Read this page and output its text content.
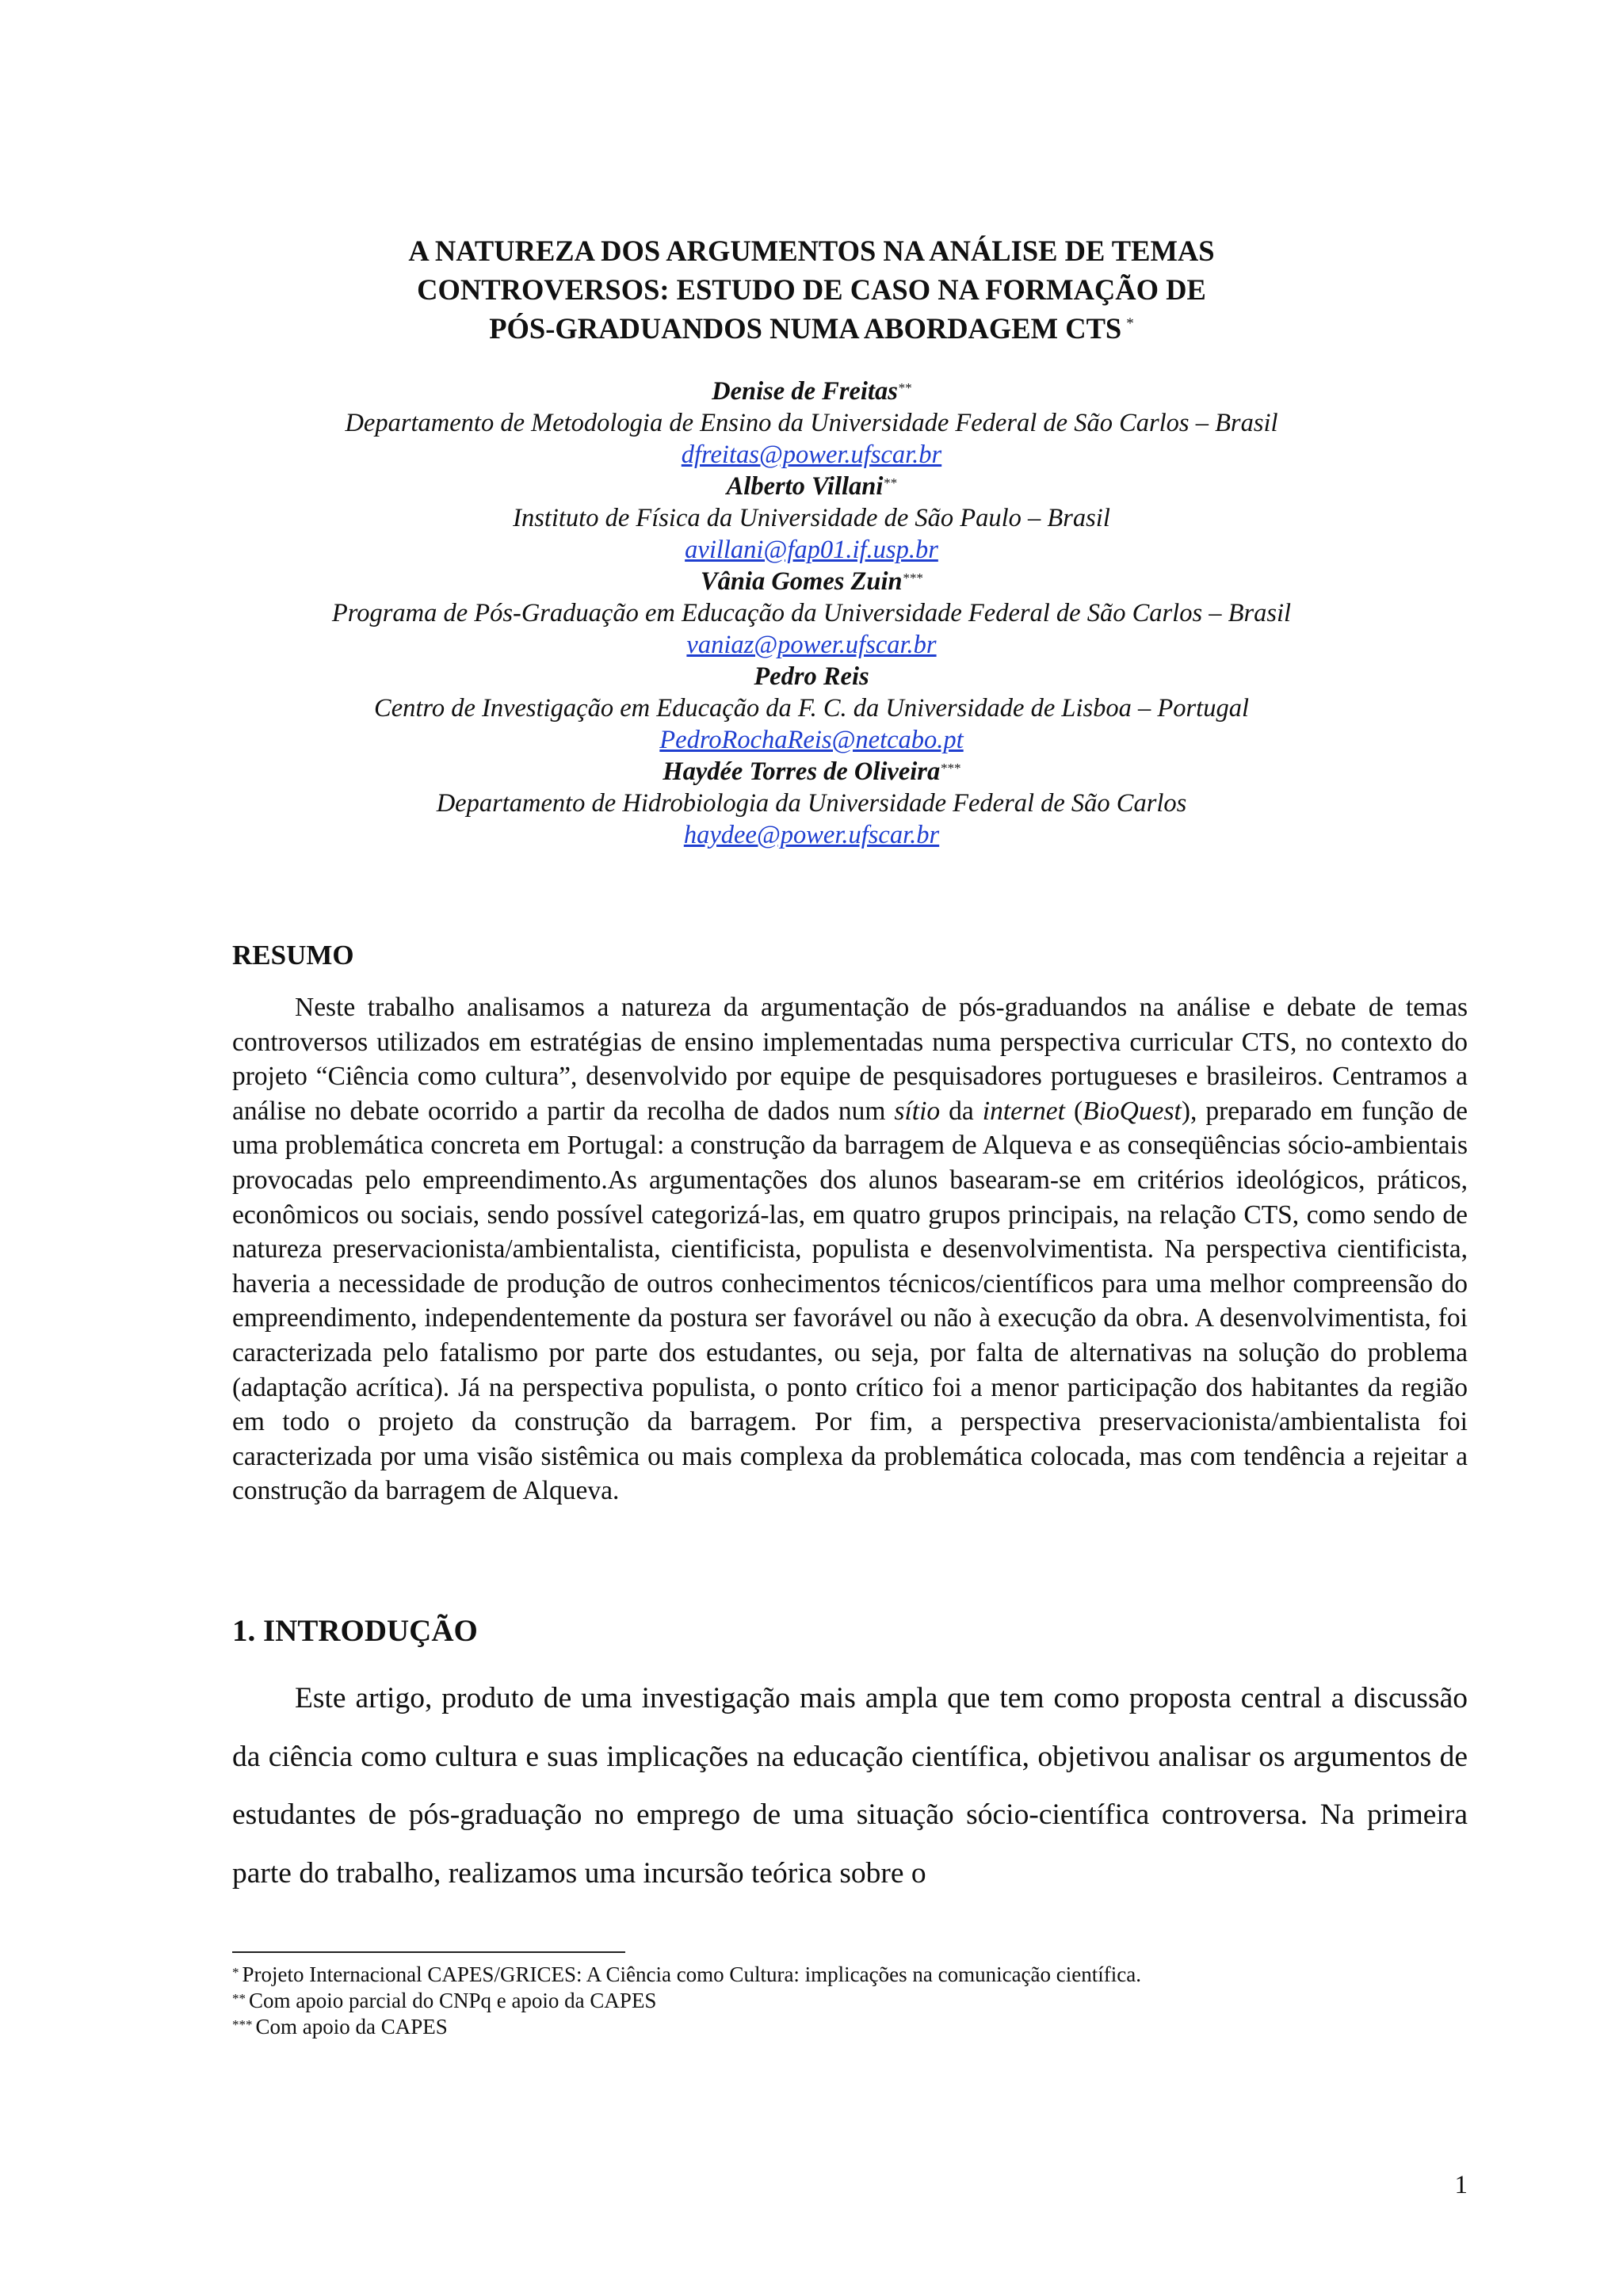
A NATUREZA DOS ARGUMENTOS NA ANÁLISE DE TEMAS
CONTROVERSOS: ESTUDO DE CASO NA FORMAÇÃO DE
PÓS-GRADUANDOS NUMA ABORDAGEM CTS *
Denise de Freitas**
Departamento de Metodologia de Ensino da Universidade Federal de São Carlos – Brasil
dfreitas@power.ufscar.br
Alberto Villani**
Instituto de Física da Universidade de São Paulo – Brasil
avillani@fap01.if.usp.br
Vânia Gomes Zuin***
Programa de Pós-Graduação em Educação da Universidade Federal de São Carlos – Brasil
vaniaz@power.ufscar.br
Pedro Reis
Centro de Investigação em Educação da F. C. da Universidade de Lisboa – Portugal
PedroRochaReis@netcabo.pt
Haydée Torres de Oliveira***
Departamento de Hidrobiologia da Universidade Federal de São Carlos
haydee@power.ufscar.br
RESUMO

Neste trabalho analisamos a natureza da argumentação de pós-graduandos na análise e debate de temas controversos utilizados em estratégias de ensino implementadas numa perspectiva curricular CTS, no contexto do projeto “Ciência como cultura”, desenvolvido por equipe de pesquisadores portugueses e brasileiros. Centramos a análise no debate ocorrido a partir da recolha de dados num sítio da internet (BioQuest), preparado em função de uma problemática concreta em Portugal: a construção da barragem de Alqueva e as conseqüências sócio-ambientais provocadas pelo empreendimento.As argumentações dos alunos basearam-se em critérios ideológicos, práticos, econômicos ou sociais, sendo possível categorizá-las, em quatro grupos principais, na relação CTS, como sendo de natureza preservacionista/ambientalista, cientificista, populista e desenvolvimentista. Na perspectiva cientificista, haveria a necessidade de produção de outros conhecimentos técnicos/científicos para uma melhor compreensão do empreendimento, independentemente da postura ser favorável ou não à execução da obra. A desenvolvimentista, foi caracterizada pelo fatalismo por parte dos estudantes, ou seja, por falta de alternativas na solução do problema (adaptação acrítica). Já na perspectiva populista, o ponto crítico foi a menor participação dos habitantes da região em todo o projeto da construção da barragem. Por fim, a perspectiva preservacionista/ambientalista foi caracterizada por uma visão sistêmica ou mais complexa da problemática colocada, mas com tendência a rejeitar a construção da barragem de Alqueva.

1. INTRODUÇÃO

Este artigo, produto de uma investigação mais ampla que tem como proposta central a discussão da ciência como cultura e suas implicações na educação científica, objetivou analisar os argumentos de estudantes de pós-graduação no emprego de uma situação sócio-científica controversa. Na primeira parte do trabalho, realizamos uma incursão teórica sobre o

* Projeto Internacional CAPES/GRICES: A Ciência como Cultura: implicações na comunicação científica.
** Com apoio parcial do CNPq e apoio da CAPES
*** Com apoio da CAPES
1
